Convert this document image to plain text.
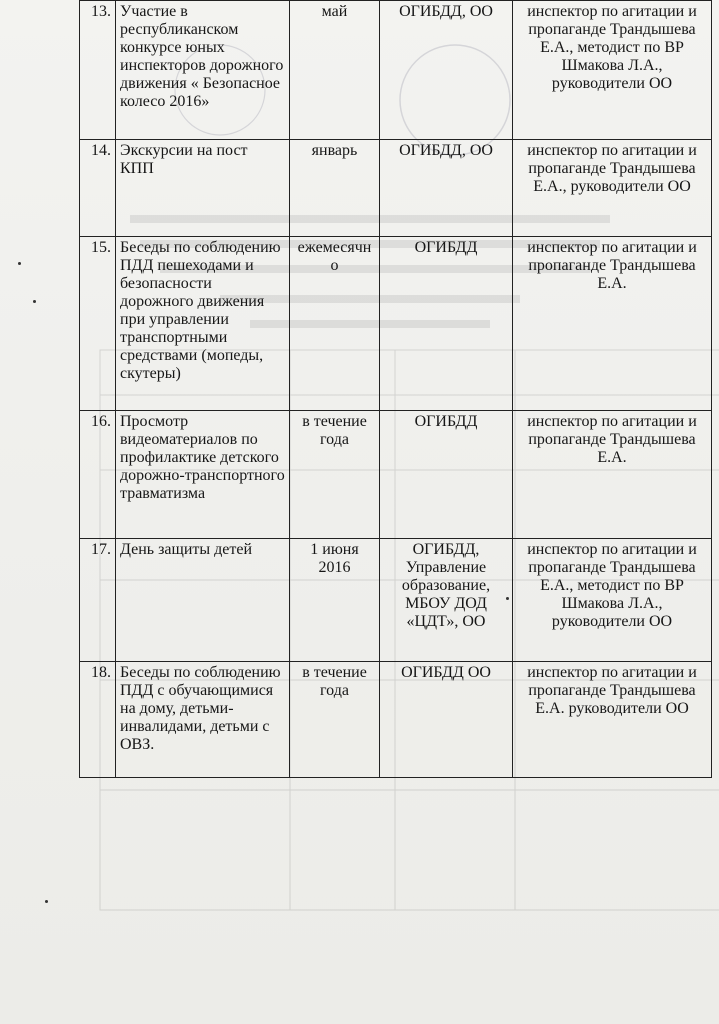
13.	Участие в республиканском конкурсе юных инспекторов дорожного движения « Безопасное колесо 2016»	май	ОГИБДД, ОО	инспектор по агитации и пропаганде Трандышева Е.А., методист по ВР Шмакова Л.А., руководители ОО
14.	Экскурсии на пост КПП	январь	ОГИБДД, ОО	инспектор по агитации и пропаганде Трандышева Е.А., руководители ОО
15.	Беседы по соблюдению ПДД пешеходами и безопасности дорожного движения при управлении транспортными средствами (мопеды, скутеры)	ежемесячно	ОГИБДД	инспектор по агитации и пропаганде Трандышева Е.А.
16.	Просмотр видеоматериалов по профилактике детского дорожно-транспортного травматизма	в течение года	ОГИБДД	инспектор по агитации и пропаганде Трандышева Е.А.
17.	День защиты детей	1 июня 2016	ОГИБДД, Управление образование, МБОУ ДОД «ЦДТ», ОО	инспектор по агитации и пропаганде Трандышева Е.А., методист по ВР Шмакова Л.А., руководители ОО
18.	Беседы по соблюдению ПДД с обучающимися на дому, детьми-инвалидами, детьми с ОВЗ.	в течение года	ОГИБДД ОО	инспектор по агитации и пропаганде Трандышева Е.А. руководители ОО
